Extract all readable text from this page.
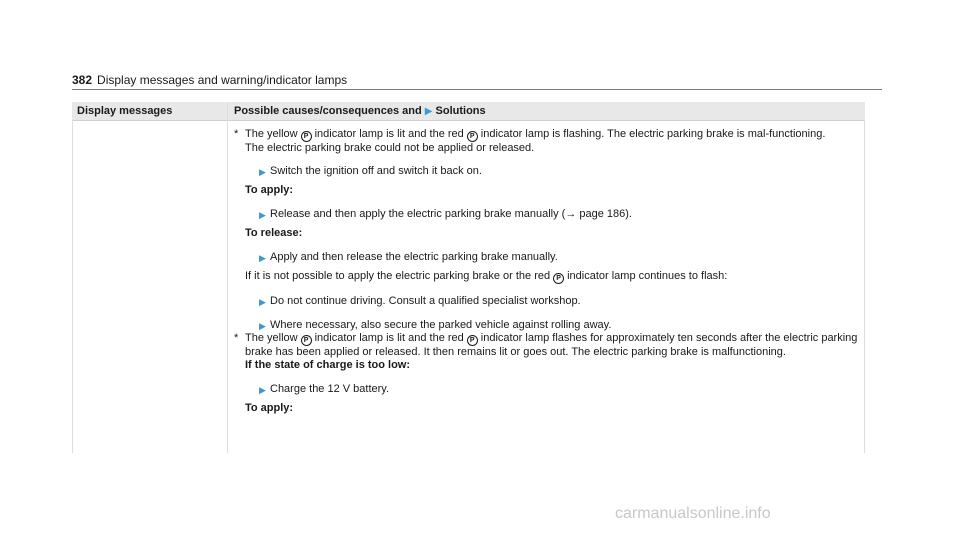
382 Display messages and warning/indicator lamps
Display messages	Possible causes/consequences and ▶ Solutions
* The yellow P indicator lamp is lit and the red P indicator lamp is flashing. The electric parking brake is mal-functioning.
The electric parking brake could not be applied or released.
▶ Switch the ignition off and switch it back on.
To apply:
▶ Release and then apply the electric parking brake manually (→ page 186).
To release:
▶ Apply and then release the electric parking brake manually.
If it is not possible to apply the electric parking brake or the red P indicator lamp continues to flash:
▶ Do not continue driving. Consult a qualified specialist workshop.
▶ Where necessary, also secure the parked vehicle against rolling away.
* The yellow P indicator lamp is lit and the red P indicator lamp flashes for approximately ten seconds after the electric parking brake has been applied or released. It then remains lit or goes out. The electric parking brake is malfunctioning.
If the state of charge is too low:
▶ Charge the 12 V battery.
To apply:
carmanualsonline.info
